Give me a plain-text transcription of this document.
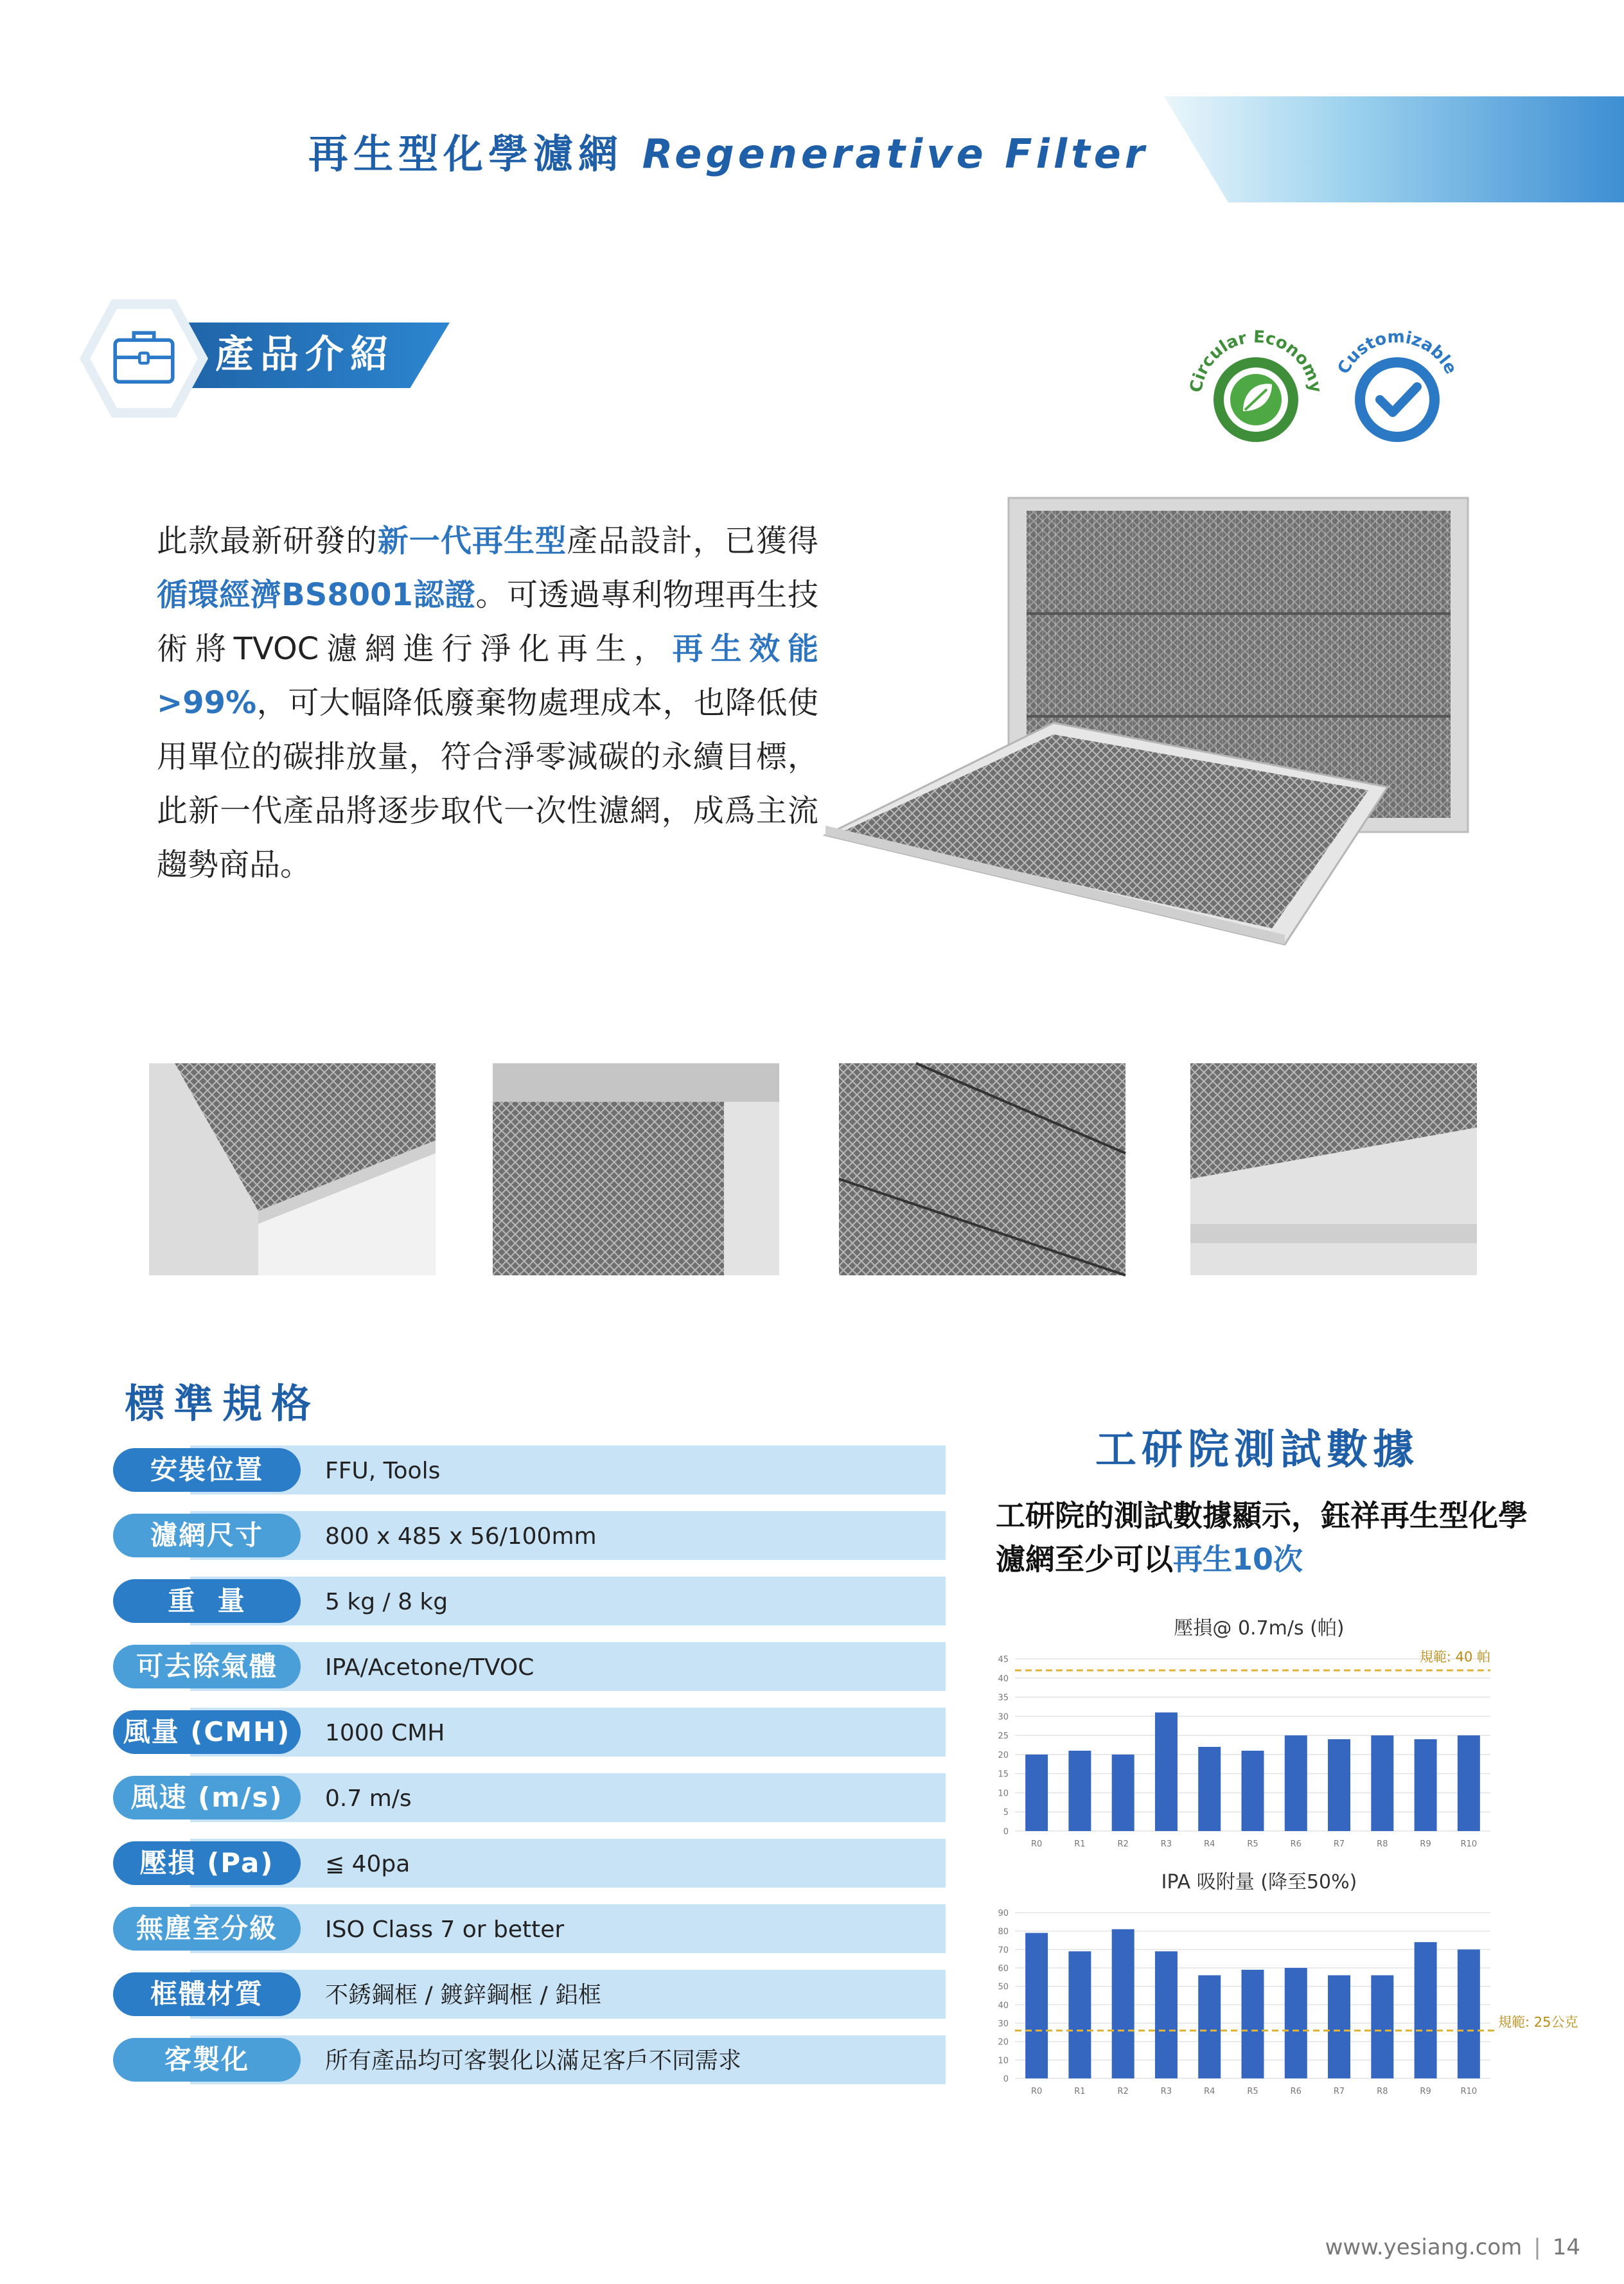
再生型化學濾網 Regenerative Filter
產品介紹
Circular Economy
Customizable
此款最新研發的新一代再生型產品設計，已獲得循環經濟BS8001認證。可透過專利物理再生技術將TVOC濾網進行淨化再生，再生效能>99%，可大幅降低廢棄物處理成本，也降低使用單位的碳排放量，符合淨零減碳的永續目標，此新一代產品將逐步取代一次性濾網，成爲主流趨勢商品。
標準規格
安裝位置	FFU, Tools
濾網尺寸	800 x 485 x 56/100mm
重  量	5 kg / 8 kg
可去除氣體	IPA/Acetone/TVOC
風量 (CMH)	1000 CMH
風速 (m/s)	0.7 m/s
壓損 (Pa)	≦ 40pa
無塵室分級	ISO Class 7 or better
框體材質	不銹鋼框 / 鍍鋅鋼框 / 鋁框
客製化	所有產品均可客製化以滿足客戶不同需求
工研院測試數據
工研院的測試數據顯示，鈺祥再生型化學濾網至少可以再生10次
壓損@ 0.7m/s (帕)
0
5
10
15
20
25
30
35
40
45
R0	R1	R2	R3	R4	R5	R6	R7	R8	R9	R10
規範: 40 帕
IPA 吸附量 (降至50%)
0
10
20
30
40
50
60
70
80
90
R0	R1	R2	R3	R4	R5	R6	R7	R8	R9	R10
規範: 25公克
www.yesiang.com | 14
